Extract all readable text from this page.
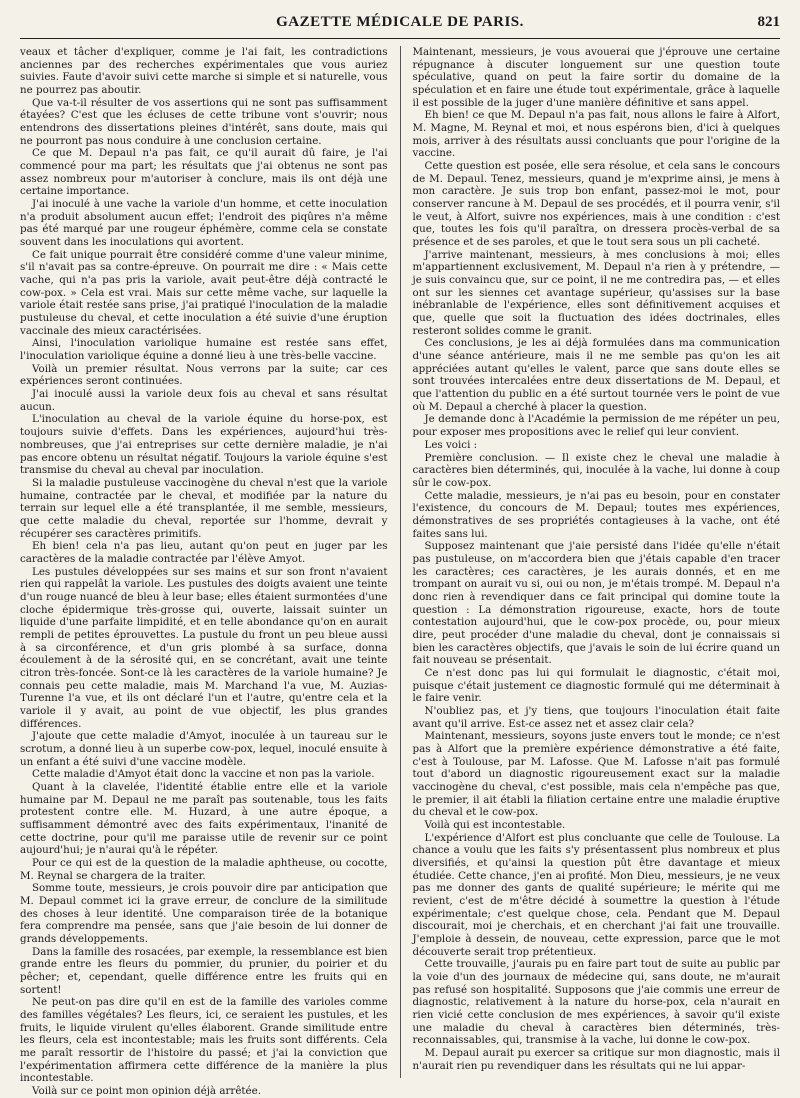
GAZETTE MÉDICALE DE PARIS.	821

veaux et tâcher d'expliquer, comme je l'ai fait, les contradictions anciennes par des recherches expérimentales que vous auriez suivies. Faute d'avoir suivi cette marche si simple et si naturelle, vous ne pourrez pas aboutir.

Que va-t-il résulter de vos assertions qui ne sont pas suffisamment étayées? C'est que les écluses de cette tribune vont s'ouvrir; nous entendrons des dissertations pleines d'intérêt, sans doute, mais qui ne pourront pas nous conduire à une conclusion certaine.

Ce que M. Depaul n'a pas fait, ce qu'il aurait dû faire, je l'ai commencé pour ma part; les résultats que j'ai obtenus ne sont pas assez nombreux pour m'autoriser à conclure, mais ils ont déjà une certaine importance.

J'ai inoculé à une vache la variole d'un homme, et cette inoculation n'a produit absolument aucun effet; l'endroit des piqûres n'a même pas été marqué par une rougeur éphémère, comme cela se constate souvent dans les inoculations qui avortent.

Ce fait unique pourrait être considéré comme d'une valeur minime, s'il n'avait pas sa contre-épreuve. On pourrait me dire : « Mais cette vache, qui n'a pas pris la variole, avait peut-être déjà contracté le cow-pox. » Cela est vrai. Mais sur cette même vache, sur laquelle la variole était restée sans prise, j'ai pratiqué l'inoculation de la maladie pustuleuse du cheval, et cette inoculation a été suivie d'une éruption vaccinale des mieux caractérisées.

Ainsi, l'inoculation variolique humaine est restée sans effet, l'inoculation variolique équine a donné lieu à une très-belle vaccine.

Voilà un premier résultat. Nous verrons par la suite; car ces expériences seront continuées.

J'ai inoculé aussi la variole deux fois au cheval et sans résultat aucun.

L'inoculation au cheval de la variole équine du horse-pox, est toujours suivie d'effets. Dans les expériences, aujourd'hui très-nombreuses, que j'ai entreprises sur cette dernière maladie, je n'ai pas encore obtenu un résultat négatif. Toujours la variole équine s'est transmise du cheval au cheval par inoculation.

Si la maladie pustuleuse vaccinogène du cheval n'est que la variole humaine, contractée par le cheval, et modifiée par la nature du terrain sur lequel elle a été transplantée, il me semble, messieurs, que cette maladie du cheval, reportée sur l'homme, devrait y récupérer ses caractères primitifs.

Eh bien! cela n'a pas lieu, autant qu'on peut en juger par les caractères de la maladie contractée par l'élève Amyot.

Les pustules développées sur ses mains et sur son front n'avaient rien qui rappelât la variole. Les pustules des doigts avaient une teinte d'un rouge nuancé de bleu à leur base; elles étaient surmontées d'une cloche épidermique très-grosse qui, ouverte, laissait suinter un liquide d'une parfaite limpidité, et en telle abondance qu'on en aurait rempli de petites éprouvettes. La pustule du front un peu bleue aussi à sa circonférence, et d'un gris plombé à sa surface, donna écoulement à de la sérosité qui, en se concrétant, avait une teinte citron très-foncée. Sont-ce là les caractères de la variole humaine? Je connais peu cette maladie, mais M. Marchand l'a vue, M. Auzias-Turenne l'a vue, et ils ont déclaré l'un et l'autre, qu'entre cela et la variole il y avait, au point de vue objectif, les plus grandes différences.

J'ajoute que cette maladie d'Amyot, inoculée à un taureau sur le scrotum, a donné lieu à un superbe cow-pox, lequel, inoculé ensuite à un enfant a été suivi d'une vaccine modèle.

Cette maladie d'Amyot était donc la vaccine et non pas la variole.

Quant à la clavelée, l'identité établie entre elle et la variole humaine par M. Depaul ne me paraît pas soutenable, tous les faits protestent contre elle. M. Huzard, à une autre époque, a suffisamment démontré avec des faits expérimentaux, l'inanité de cette doctrine, pour qu'il me paraisse utile de revenir sur ce point aujourd'hui; je n'aurai qu'à le répéter.

Pour ce qui est de la question de la maladie aphtheuse, ou cocotte, M. Reynal se chargera de la traiter.

Somme toute, messieurs, je crois pouvoir dire par anticipation que M. Depaul commet ici la grave erreur, de conclure de la similitude des choses à leur identité. Une comparaison tirée de la botanique fera comprendre ma pensée, sans que j'aie besoin de lui donner de grands développements.

Dans la famille des rosacées, par exemple, la ressemblance est bien grande entre les fleurs du pommier, du prunier, du poirier et du pêcher; et, cependant, quelle différence entre les fruits qui en sortent!

Ne peut-on pas dire qu'il en est de la famille des varioles comme des familles végétales? Les fleurs, ici, ce seraient les pustules, et les fruits, le liquide virulent qu'elles élaborent. Grande similitude entre les fleurs, cela est incontestable; mais les fruits sont différents. Cela me paraît ressortir de l'histoire du passé; et j'ai la conviction que l'expérimentation affirmera cette différence de la manière la plus incontestable.

Voilà sur ce point mon opinion déjà arrêtée.

Maintenant, messieurs, je vous avouerai que j'éprouve une certaine répugnance à discuter longuement sur une question toute spéculative, quand on peut la faire sortir du domaine de la spéculation et en faire une étude tout expérimentale, grâce à laquelle il est possible de la juger d'une manière définitive et sans appel.

Eh bien! ce que M. Depaul n'a pas fait, nous allons le faire à Alfort, M. Magne, M. Reynal et moi, et nous espérons bien, d'ici à quelques mois, arriver à des résultats aussi concluants que pour l'origine de la vaccine.

Cette question est posée, elle sera résolue, et cela sans le concours de M. Depaul. Tenez, messieurs, quand je m'exprime ainsi, je mens à mon caractère. Je suis trop bon enfant, passez-moi le mot, pour conserver rancune à M. Depaul de ses procédés, et il pourra venir, s'il le veut, à Alfort, suivre nos expériences, mais à une condition : c'est que, toutes les fois qu'il paraîtra, on dressera procès-verbal de sa présence et de ses paroles, et que le tout sera sous un pli cacheté.

J'arrive maintenant, messieurs, à mes conclusions à moi; elles m'appartiennent exclusivement, M. Depaul n'a rien à y prétendre, — je suis convaincu que, sur ce point, il ne me contredira pas, — et elles ont sur les siennes cet avantage supérieur, qu'assises sur la base inébranlable de l'expérience, elles sont définitivement acquises et que, quelle que soit la fluctuation des idées doctrinales, elles resteront solides comme le granit.

Ces conclusions, je les ai déjà formulées dans ma communication d'une séance antérieure, mais il ne me semble pas qu'on les ait appréciées autant qu'elles le valent, parce que sans doute elles se sont trouvées intercalées entre deux dissertations de M. Depaul, et que l'attention du public en a été surtout tournée vers le point de vue où M. Depaul a cherché à placer la question.

Je demande donc à l'Académie la permission de me répéter un peu, pour exposer mes propositions avec le relief qui leur convient.

Les voici :

Première conclusion. — Il existe chez le cheval une maladie à caractères bien déterminés, qui, inoculée à la vache, lui donne à coup sûr le cow-pox.

Cette maladie, messieurs, je n'ai pas eu besoin, pour en constater l'existence, du concours de M. Depaul; toutes mes expériences, démonstratives de ses propriétés contagieuses à la vache, ont été faites sans lui.

Supposez maintenant que j'aie persisté dans l'idée qu'elle n'était pas pustuleuse, on m'accordera bien que j'étais capable d'en tracer les caractères; ces caractères, je les aurais donnés, et en me trompant on aurait vu si, oui ou non, je m'étais trompé. M. Depaul n'a donc rien à revendiquer dans ce fait principal qui domine toute la question : La démonstration rigoureuse, exacte, hors de toute contestation aujourd'hui, que le cow-pox procède, ou, pour mieux dire, peut procéder d'une maladie du cheval, dont je connaissais si bien les caractères objectifs, que j'avais le soin de lui écrire quand un fait nouveau se présentait.

Ce n'est donc pas lui qui formulait le diagnostic, c'était moi, puisque c'était justement ce diagnostic formulé qui me déterminait à le faire venir.

N'oubliez pas, et j'y tiens, que toujours l'inoculation était faite avant qu'il arrive. Est-ce assez net et assez clair cela?

Maintenant, messieurs, soyons juste envers tout le monde; ce n'est pas à Alfort que la première expérience démonstrative a été faite, c'est à Toulouse, par M. Lafosse. Que M. Lafosse n'ait pas formulé tout d'abord un diagnostic rigoureusement exact sur la maladie vaccinogène du cheval, c'est possible, mais cela n'empêche pas que, le premier, il ait établi la filiation certaine entre une maladie éruptive du cheval et le cow-pox.

Voilà qui est incontestable.

L'expérience d'Alfort est plus concluante que celle de Toulouse. La chance a voulu que les faits s'y présentassent plus nombreux et plus diversifiés, et qu'ainsi la question pût être davantage et mieux étudiée. Cette chance, j'en ai profité. Mon Dieu, messieurs, je ne veux pas me donner des gants de qualité supérieure; le mérite qui me revient, c'est de m'être décidé à soumettre la question à l'étude expérimentale; c'est quelque chose, cela. Pendant que M. Depaul discourait, moi je cherchais, et en cherchant j'ai fait une trouvaille. J'emploie à dessein, de nouveau, cette expression, parce que le mot découverte serait trop prétentieux.

Cette trouvaille, j'aurais pu en faire part tout de suite au public par la voie d'un des journaux de médecine qui, sans doute, ne m'aurait pas refusé son hospitalité. Supposons que j'aie commis une erreur de diagnostic, relativement à la nature du horse-pox, cela n'aurait en rien vicié cette conclusion de mes expériences, à savoir qu'il existe une maladie du cheval à caractères bien déterminés, très-reconnaissables, qui, transmise à la vache, lui donne le cow-pox.

M. Depaul aurait pu exercer sa critique sur mon diagnostic, mais il n'aurait rien pu revendiquer dans les résultats qui ne lui appar-
